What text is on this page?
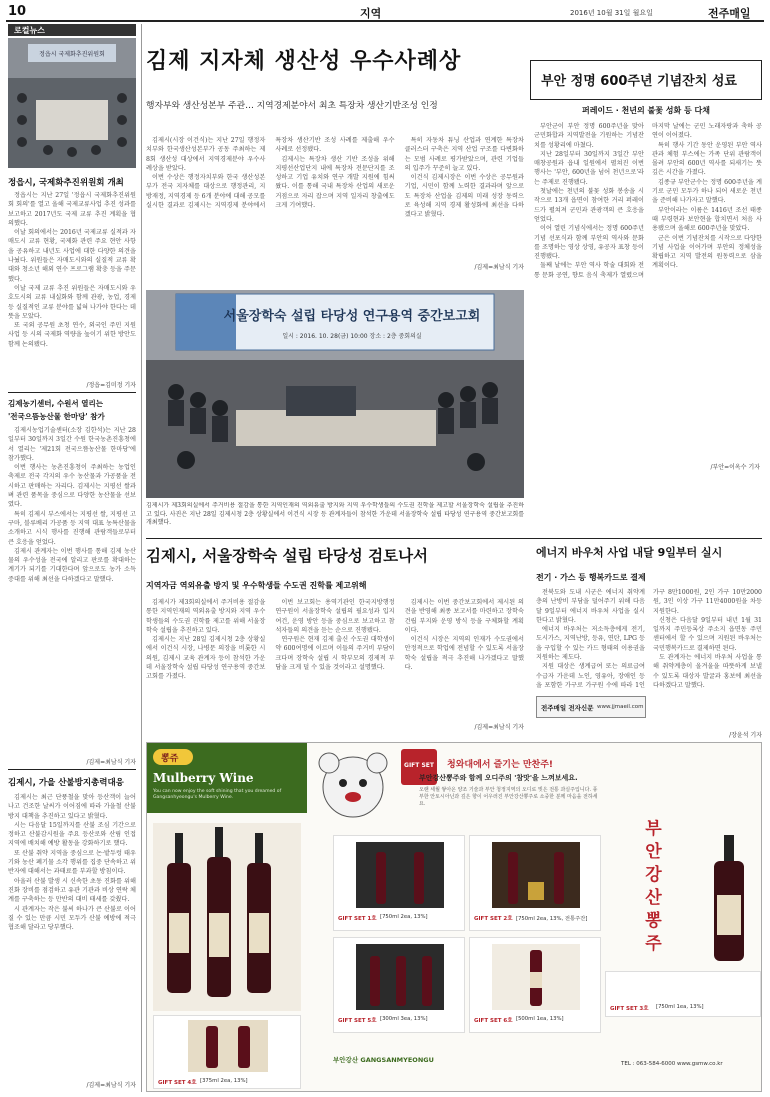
10	지역	2016년 10월 31일 월요일	전주매일
로컬뉴스
정읍시 국제화추진위원회
정읍시, 국제화추진위원회 개최

정읍시는 지난 27일 '정읍시 국제화추진위원회 회의'를 열고 올해 국제교류사업 추진 성과를 보고하고 2017년도 국제 교류 추진 계획을 협의했다.

이날 회의에서는 2016년 국제교류 실적과 자매도시 교류 현황, 국제화 관련 주요 현안 사항을 공유하고 내년도 사업에 대한 다양한 의견을 나눴다. 위원들은 자매도시와의 실질적 교류 확대와 청소년 해외 연수 프로그램 확충 등을 주문했다.

이날 국제 교류 추진 위원들은 자매도시와 우호도시의 교류 내실화와 함께 관광, 농업, 경제 등 실질적인 교류 분야를 넓혀 나가야 한다는 데 뜻을 모았다.

또 국외 공무원 초청 연수, 외국인 주민 지원 사업 등 시의 국제화 역량을 높이기 위한 방안도 함께 논의됐다.

/정읍=김미정 기자
김제농기센터, 수원서 열리는
'전국으뜸농산물 한마당' 참가

김제시농업기술센터(소장 김한석)는 지난 28일부터 30일까지 3일간 수원 한국농촌진흥청에서 열리는 '제21회 전국으뜸농산물 한마당'에 참가했다.

이번 행사는 농촌진흥청이 주최하는 농업인 축제로 전국 각지의 우수 농산물과 가공품을 전시하고 판매하는 자리다. 김제시는 지평선 쌀과 벼 관련 품목을 중심으로 다양한 농산물을 선보였다.

특히 김제시 부스에서는 지평선 쌀, 지평선 고구마, 블루베리 가공품 등 지역 대표 농특산물을 소개하고 시식 행사를 진행해 관람객들로부터 큰 호응을 얻었다.

김제시 관계자는 이번 행사를 통해 김제 농산물의 우수성을 전국에 알리고 판로를 확대하는 계기가 되기를 기대한다며 앞으로도 농가 소득 증대를 위해 최선을 다하겠다고 말했다.

/김제=최남식 기자
김제시, 가을 산불방지총력대응

김제시는 최근 단풍철을 맞아 등산객이 늘어나고 건조한 날씨가 이어짐에 따라 가을철 산불방지 대책을 추진하고 있다고 밝혔다.

시는 다음달 15일까지를 산불 조심 기간으로 정하고 산불감시원을 주요 등산로와 산림 인접 지역에 배치해 예방 활동을 강화하기로 했다.

또 산불 취약 지역을 중심으로 논·밭두렁 태우기와 농산 폐기물 소각 행위를 집중 단속하고 위반자에 대해서는 과태료를 부과할 방침이다.

아울러 산불 발생 시 신속한 초동 진화를 위해 진화 장비를 점검하고 유관 기관과 비상 연락 체계를 구축하는 등 만반의 대비 태세를 갖췄다.

시 관계자는 작은 불씨 하나가 큰 산불로 이어질 수 있는 만큼 시민 모두가 산불 예방에 적극 협조해 달라고 당부했다.

/김제=최남식 기자
김제 지자체 생산성 우수사례상
행자부와 생산성본부 주관… 지역경제분야서 최초 특장차 생산기반조성 인정

김제시(시장 이건식)는 지난 27일 행정자치부와 한국생산성본부가 공동 주최하는 제8회 생산성 대상에서 지역경제분야 우수사례상을 받았다.

이번 수상은 행정자치부와 한국 생산성본부가 전국 지자체를 대상으로 행정관리, 지방재정, 지역경제 등 6개 분야에 대해 공모를 실시한 결과로 김제시는 지역경제 분야에서 특장차 생산기반 조성 사례를 제출해 우수 사례로 선정됐다.

김제시는 특장차 생산 기반 조성을 위해 지평선산업단지 내에 특장차 전문단지를 조성하고 기업 유치와 연구 개발 지원에 힘써 왔다. 이를 통해 국내 특장차 산업의 새로운 거점으로 자리 잡으며 지역 일자리 창출에도 크게 기여했다.

특히 자동차 튜닝 산업과 연계한 특장차 클러스터 구축은 지역 산업 구조를 다변화하는 모범 사례로 평가받았으며, 관련 기업들의 입주가 꾸준히 늘고 있다.

이건식 김제시장은 이번 수상은 공무원과 기업, 시민이 함께 노력한 결과라며 앞으로도 특장차 산업을 김제의 미래 성장 동력으로 육성해 지역 경제 활성화에 최선을 다하겠다고 밝혔다.

/김제=최남식 기자
부안 정명 600주년 기념잔치 성료
퍼레이드 · 천년의 불꽃 성화 등 다채

부안군이 부안 정명 600주년을 맞아 군민화합과 지역발전을 기원하는 기념잔치를 성황리에 마쳤다.

지난 28일부터 30일까지 3일간 부안 매창공원과 읍내 일원에서 펼쳐진 이번 행사는 '부안, 600년을 넘어 천년으로'라는 주제로 진행됐다.

첫날에는 천년의 불꽃 성화 봉송을 시작으로 13개 읍면이 참여한 거리 퍼레이드가 펼쳐져 군민과 관광객의 큰 호응을 얻었다.

이어 열린 기념식에서는 정명 600주년 기념 선포식과 함께 부안의 역사와 문화를 조명하는 영상 상영, 유공자 표창 등이 진행됐다.

둘째 날에는 부안 역사 학술 대회와 전통 문화 공연, 향토 음식 축제가 열렸으며 마지막 날에는 군민 노래자랑과 축하 공연이 이어졌다.

특히 행사 기간 동안 운영된 부안 역사관과 체험 부스에는 가족 단위 관람객이 몰려 부안의 600년 역사를 되새기는 뜻깊은 시간을 가졌다.

김종규 부안군수는 정명 600주년을 계기로 군민 모두가 하나 되어 새로운 천년을 준비해 나가자고 말했다.

부안이라는 이름은 1416년 조선 태종 때 부령현과 보안현을 합치면서 처음 사용됐으며 올해로 600주년을 맞았다.

군은 이번 기념잔치를 시작으로 다양한 기념 사업을 이어가며 부안의 정체성을 확립하고 지역 발전의 원동력으로 삼을 계획이다.

/부안=이옥수 기자
서울장학숙 설립 타당성 연구용역 중간보고회
일시 : 2016. 10. 28(금) 10:00 장소 : 2층 중회의실
김제시가 제3회의실에서 주거비용 절감을 통한 지역인재의 역외유출 방지와 지역 우수학생들의 수도권 진학을 제고할 서울장학숙 설립을 추진하고 있다. 사진은 지난 28일 김제시청 2층 상황실에서 이건식 시장 등 관계자들이 참석한 가운데 서울장학숙 설립 타당성 연구용역 중간보고회를 개최했다.
김제시, 서울장학숙 설립 타당성 검토나서
지역자금 역외유출 방지 및 우수학생들 수도권 진학률 제고위해

김제시가 제3회의실에서 주거비용 절감을 통한 지역인재의 역외유출 방지와 지역 우수학생들의 수도권 진학률 제고를 위해 서울장학숙 설립을 추진하고 있다.

김제시는 지난 28일 김제시청 2층 상황실에서 이건식 시장, 나병문 의장을 비롯한 시의원, 김제시 교육 관계자 등이 참석한 가운데 서울장학숙 설립 타당성 연구용역 중간보고회를 가졌다.

이번 보고회는 용역기관인 한국지방행정연구원이 서울장학숙 설립의 필요성과 입지 여건, 운영 방안 등을 중심으로 보고하고 참석자들의 의견을 듣는 순으로 진행됐다.

연구원은 현재 김제 출신 수도권 대학생이 약 600여명에 이르며 이들의 주거비 부담이 크다며 장학숙 설립 시 학부모의 경제적 부담을 크게 덜 수 있을 것이라고 설명했다.

김제시는 이번 중간보고회에서 제시된 의견을 반영해 최종 보고서를 마련하고 장학숙 건립 부지와 운영 방식 등을 구체화할 계획이다.

이건식 시장은 지역의 인재가 수도권에서 안정적으로 학업에 전념할 수 있도록 서울장학숙 설립을 적극 추진해 나가겠다고 말했다.

/김제=최남식 기자
에너지 바우처 사업 내달 9일부터 실시
전기 · 가스 등 행복카드로 결제

전북도와 도내 시군은 에너지 취약계층의 난방비 부담을 덜어주기 위해 다음달 9일부터 에너지 바우처 사업을 실시한다고 밝혔다.

에너지 바우처는 저소득층에게 전기, 도시가스, 지역난방, 등유, 연탄, LPG 등을 구입할 수 있는 카드 형태의 이용권을 지원하는 제도다.

지원 대상은 생계급여 또는 의료급여 수급자 가운데 노인, 영유아, 장애인 등을 포함한 가구로 가구원 수에 따라 1인 가구 8만1000원, 2인 가구 10만2000원, 3인 이상 가구 11만4000원을 차등 지원한다.

신청은 다음달 9일부터 내년 1월 31일까지 주민등록상 주소지 읍면동 주민센터에서 할 수 있으며 지원된 바우처는 국민행복카드로 결제하면 된다.

도 관계자는 에너지 바우처 사업을 통해 취약계층이 올겨울을 따뜻하게 보낼 수 있도록 대상자 발굴과 홍보에 최선을 다하겠다고 말했다.

/장윤석 기자
전주매일 전자신문 www.jjmaeil.com
뽕쥬
Mulberry Wine
You can now enjoy the soft shining that you dreamed of Gangsanhyeongu's Mulberry Wine.
GIFT SET 청와대에서 즐기는 만찬주!
부안강산뽕주와 함께 오디주의 '참맛'을 느껴보세요.
오랜 세월 쌓아온 양조 기술과 부안 청정지역의 오디로 빚은 전통 과실주입니다. 풍부한 안토시아닌과 깊은 향이 어우러진 부안강산뽕주로 소중한 분께 마음을 전하세요.
부안강산뽕주
GIFT SET 1호 [750ml 2ea, 13%]	GIFT SET 2호 [750ml 2ea, 13%, 전통주잔]
GIFT SET 3호 [750ml 1ea, 13%]
GIFT SET 4호 [375ml 2ea, 13%]
GIFT SET 5호 [300ml 3ea, 13%]	GIFT SET 6호 [500ml 1ea, 13%]
부안강산 GANGSANMYEONGU	TEL : 063-584-6000 www.gsmw.co.kr
